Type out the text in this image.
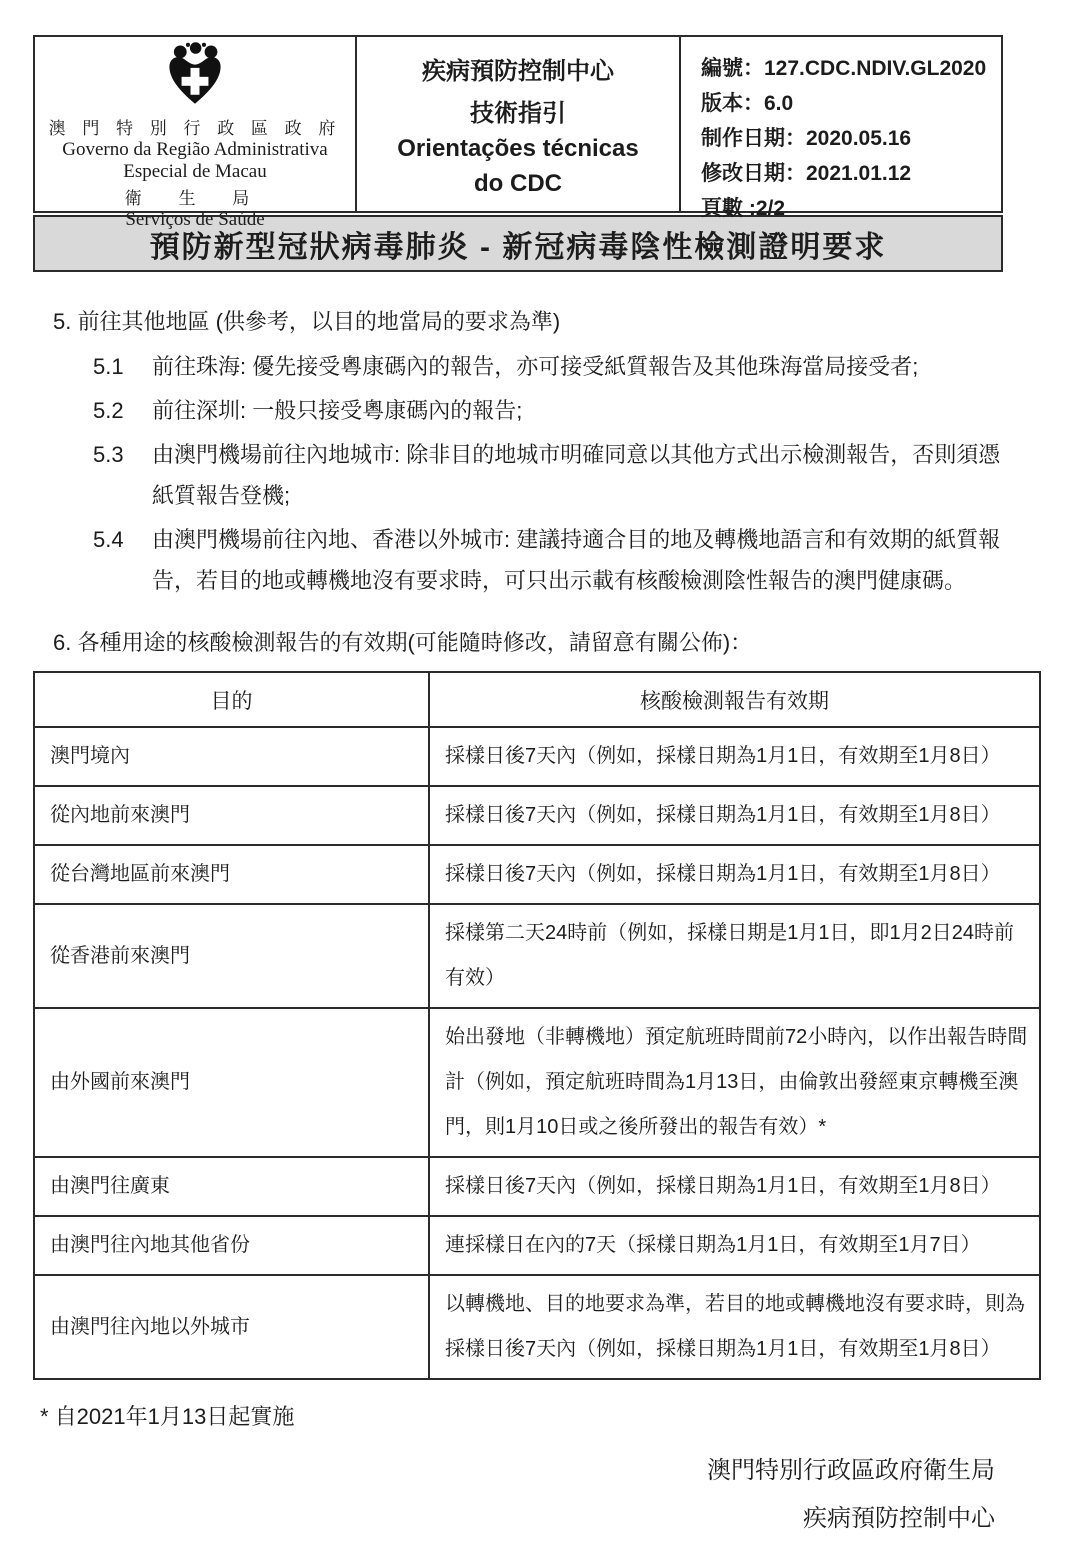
澳 門 特 別 行 政 區 政 府
Governo da Região Administrativa
Especial de Macau
衛 生 局
Serviços de Saúde
疾病預防控制中心
技術指引
Orientações técnicas
do CDC
編號：127.CDC.NDIV.GL2020
版本：6.0
制作日期：2020.05.16
修改日期：2021.01.12
頁數 :2/2
預防新型冠狀病毒肺炎 - 新冠病毒陰性檢測證明要求
5. 前往其他地區 (供參考，以目的地當局的要求為準)
5.1	前往珠海: 優先接受粵康碼內的報告，亦可接受紙質報告及其他珠海當局接受者;
5.2	前往深圳: 一般只接受粵康碼內的報告;
5.3	由澳門機場前往內地城市: 除非目的地城市明確同意以其他方式出示檢測報告，否則須憑紙質報告登機;
5.4	由澳門機場前往內地、香港以外城市: 建議持適合目的地及轉機地語言和有效期的紙質報告，若目的地或轉機地沒有要求時，可只出示載有核酸檢測陰性報告的澳門健康碼。
6. 各種用途的核酸檢測報告的有效期(可能隨時修改，請留意有關公佈)：
目的	核酸檢測報告有效期
澳門境內	採樣日後7天內（例如，採樣日期為1月1日，有效期至1月8日）
從內地前來澳門	採樣日後7天內（例如，採樣日期為1月1日，有效期至1月8日）
從台灣地區前來澳門	採樣日後7天內（例如，採樣日期為1月1日，有效期至1月8日）
從香港前來澳門	採樣第二天24時前（例如，採樣日期是1月1日，即1月2日24時前有效）
由外國前來澳門	始出發地（非轉機地）預定航班時間前72小時內，以作出報告時間計（例如，預定航班時間為1月13日，由倫敦出發經東京轉機至澳門，則1月10日或之後所發出的報告有效）*
由澳門往廣東	採樣日後7天內（例如，採樣日期為1月1日，有效期至1月8日）
由澳門往內地其他省份	連採樣日在內的7天（採樣日期為1月1日，有效期至1月7日）
由澳門往內地以外城市	以轉機地、目的地要求為準，若目的地或轉機地沒有要求時，則為採樣日後7天內（例如，採樣日期為1月1日，有效期至1月8日）
* 自2021年1月13日起實施
澳門特別行政區政府衛生局
疾病預防控制中心
